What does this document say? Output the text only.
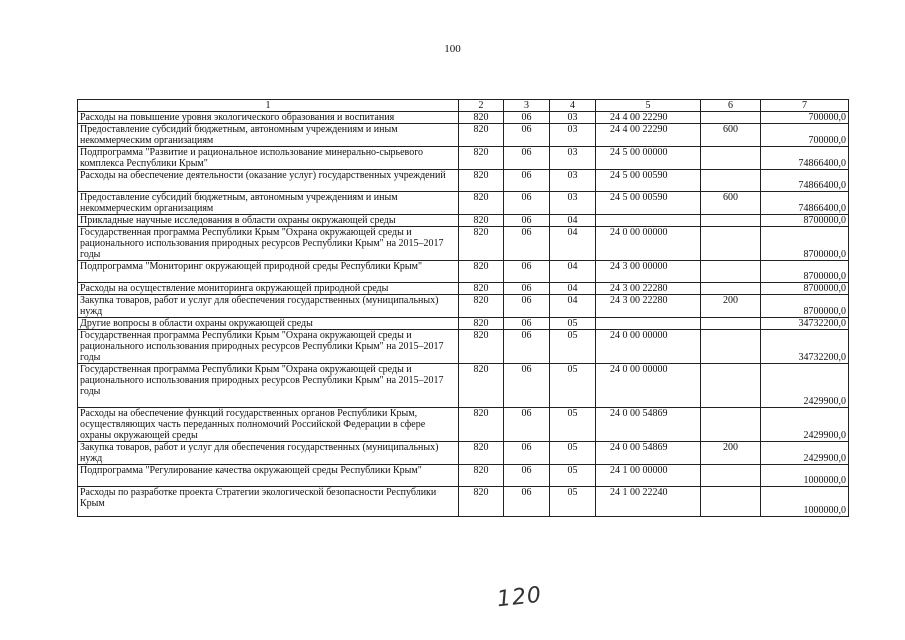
100
1	2	3	4	5	6	7
Расходы на повышение уровня экологического образования и воспитания	820	06	03	24 4 00 22290		700000,0
Предоставление субсидий бюджетным, автономным учреждениям и иным некоммерческим организациям	820	06	03	24 4 00 22290	600	700000,0
Подпрограмма "Развитие и рациональное использование минерально-сырьевого комплекса Республики Крым"	820	06	03	24 5 00 00000		74866400,0
Расходы на обеспечение деятельности (оказание услуг) государственных учреждений	820	06	03	24 5 00 00590		74866400,0
Предоставление субсидий бюджетным, автономным учреждениям и иным некоммерческим организациям	820	06	03	24 5 00 00590	600	74866400,0
Прикладные научные исследования в области охраны окружающей среды	820	06	04			8700000,0
Государственная программа Республики Крым "Охрана окружающей среды и рационального использования природных ресурсов Республики Крым" на 2015–2017 годы	820	06	04	24 0 00 00000		8700000,0
Подпрограмма "Мониторинг окружающей природной среды Республики Крым"	820	06	04	24 3 00 00000		8700000,0
Расходы на осуществление мониторинга окружающей природной среды	820	06	04	24 3 00 22280		8700000,0
Закупка товаров, работ и услуг для обеспечения государственных (муниципальных) нужд	820	06	04	24 3 00 22280	200	8700000,0
Другие вопросы в области охраны окружающей среды	820	06	05			34732200,0
Государственная программа Республики Крым "Охрана окружающей среды и рационального использования природных ресурсов Республики Крым" на 2015–2017 годы	820	06	05	24 0 00 00000		34732200,0
Государственная программа Республики Крым "Охрана окружающей среды и рационального использования природных ресурсов Республики Крым" на 2015–2017 годы	820	06	05	24 0 00 00000		2429900,0
Расходы на обеспечение функций государственных органов Республики Крым, осуществляющих часть переданных полномочий Российской Федерации в сфере охраны окружающей среды	820	06	05	24 0 00 54869		2429900,0
Закупка товаров, работ и услуг для обеспечения государственных (муниципальных) нужд	820	06	05	24 0 00 54869	200	2429900,0
Подпрограмма "Регулирование качества окружающей среды Республики Крым"	820	06	05	24 1 00 00000		1000000,0
Расходы по разработке проекта Стратегии экологической безопасности Республики Крым	820	06	05	24 1 00 22240		1000000,0
120
